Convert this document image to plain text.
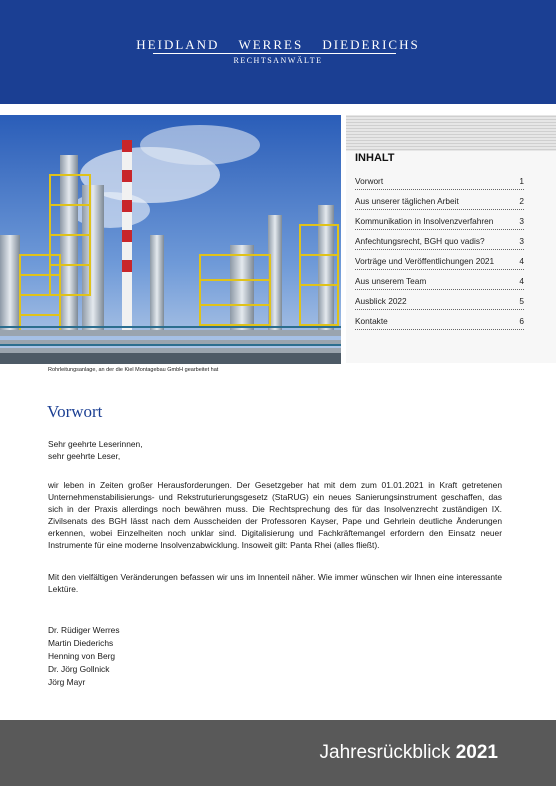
HEIDLAND WERRES DIEDERICHS
RECHTSANWÄLTE
Rohrleitungsanlage, an der die Kiel Montagebau GmbH gearbeitet hat
INHALT
Vorwort	1
Aus unserer täglichen Arbeit	2
Kommunikation in Insolvenzverfahren	3
Anfechtungsrecht, BGH quo vadis?	3
Vorträge und Veröffentlichungen 2021	4
Aus unserem Team	4
Ausblick 2022	5
Kontakte	6
Vorwort
Sehr geehrte Leserinnen,
sehr geehrte Leser,
wir leben in Zeiten großer Herausforderungen. Der Gesetzgeber hat mit dem zum 01.01.2021 in Kraft getretenen Unternehmenstabilisierungs- und Rekstruturierungsgesetz (StaRUG) ein neues Sanierungsinstrument geschaffen, das sich in der Praxis allerdings noch bewähren muss. Die Rechtsprechung des für das Insolvenzrecht zuständigen IX. Zivilsenats des BGH lässt nach dem Ausscheiden der Professoren Kayser, Pape und Gehrlein deutliche Änderungen erkennen, wobei Einzelheiten noch unklar sind. Digitalisierung und Fachkräftemangel erfordern den Einsatz neuer Instrumente für eine moderne Insolvenzabwicklung. Insoweit gilt: Panta Rhei (alles fließt).
Mit den vielfältigen Veränderungen befassen wir uns im Innenteil näher. Wie immer wünschen wir Ihnen eine interessante Lektüre.
Dr. Rüdiger Werres
Martin Diederichs
Henning von Berg
Dr. Jörg Gollnick
Jörg Mayr
Jahresrückblick 2021
